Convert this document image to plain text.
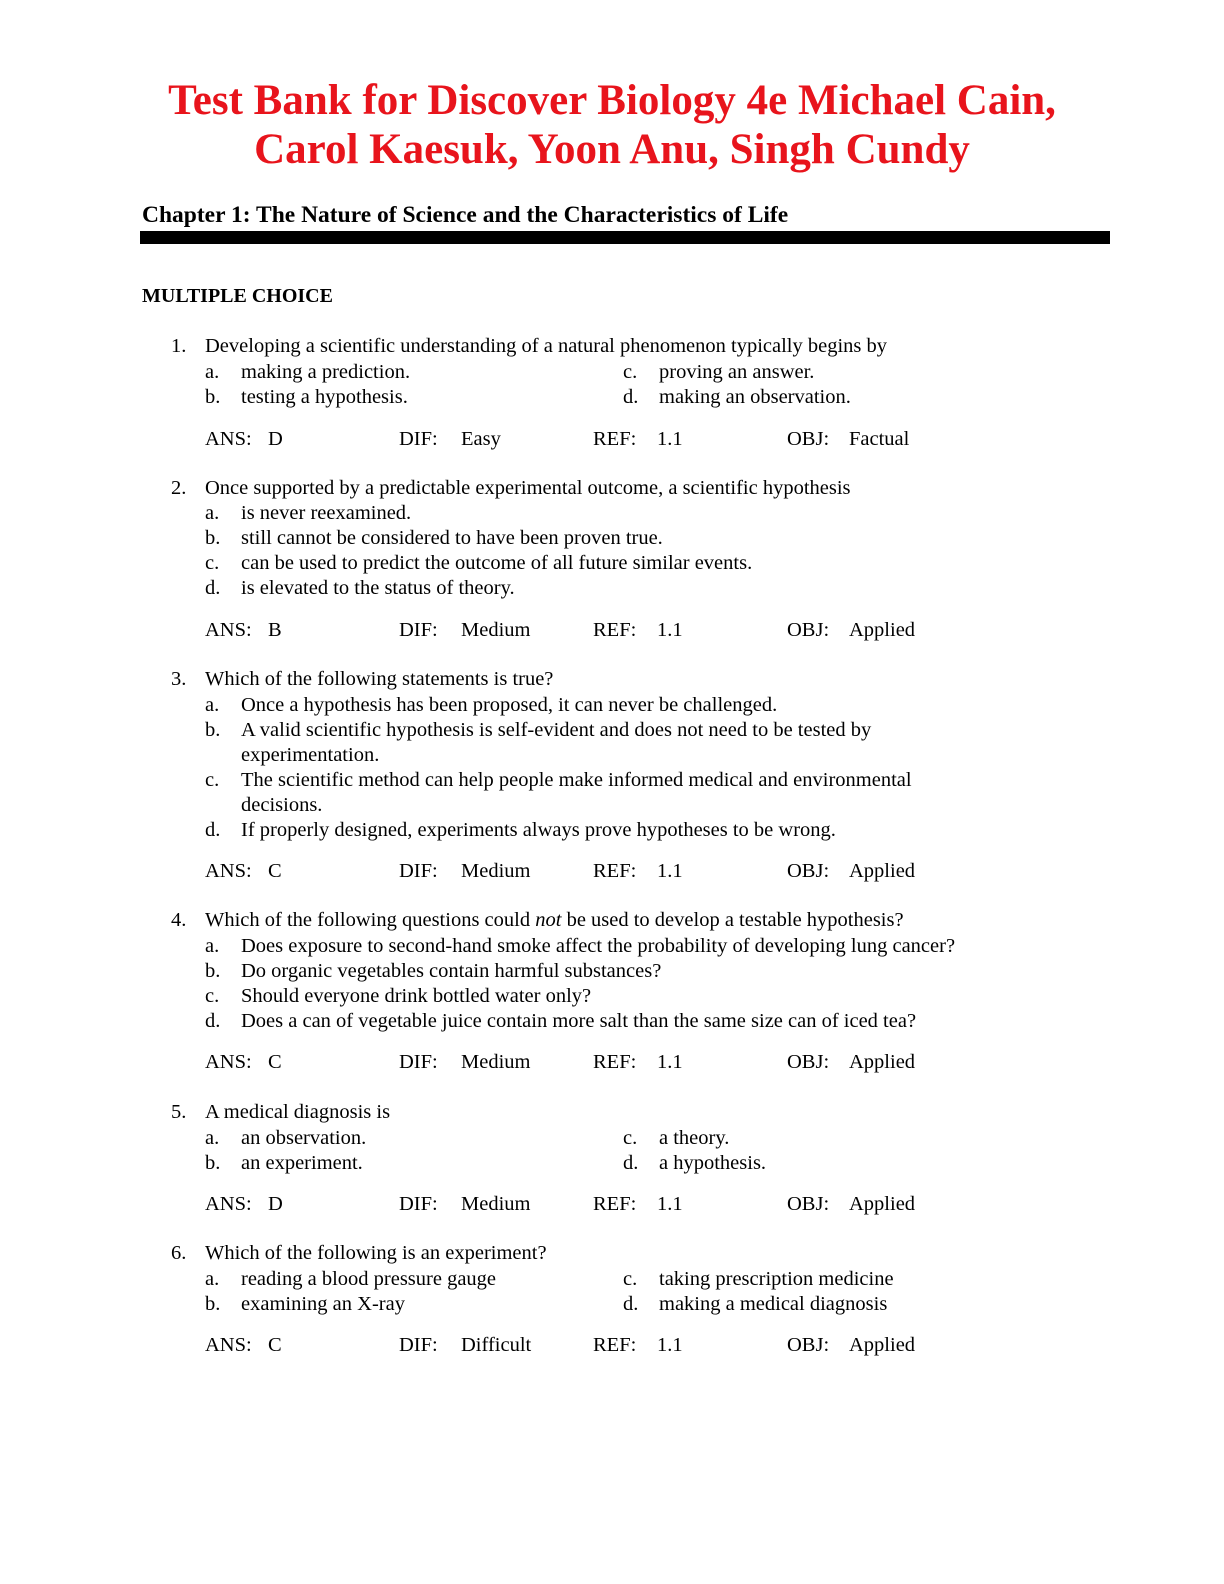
Test Bank for Discover Biology 4e Michael Cain,
Carol Kaesuk, Yoon Anu, Singh Cundy
Chapter 1: The Nature of Science and the Characteristics of Life
MULTIPLE CHOICE
1. Developing a scientific understanding of a natural phenomenon typically begins by
a. making a prediction.
b. testing a hypothesis.
c. proving an answer.
d. making an observation.
ANS: D	DIF: Easy	REF: 1.1	OBJ: Factual
2. Once supported by a predictable experimental outcome, a scientific hypothesis
a. is never reexamined.
b. still cannot be considered to have been proven true.
c. can be used to predict the outcome of all future similar events.
d. is elevated to the status of theory.
ANS: B	DIF: Medium	REF: 1.1	OBJ: Applied
3. Which of the following statements is true?
a. Once a hypothesis has been proposed, it can never be challenged.
b. A valid scientific hypothesis is self-evident and does not need to be tested by
experimentation.
c. The scientific method can help people make informed medical and environmental
decisions.
d. If properly designed, experiments always prove hypotheses to be wrong.
ANS: C	DIF: Medium	REF: 1.1	OBJ: Applied
4. Which of the following questions could not be used to develop a testable hypothesis?
a. Does exposure to second-hand smoke affect the probability of developing lung cancer?
b. Do organic vegetables contain harmful substances?
c. Should everyone drink bottled water only?
d. Does a can of vegetable juice contain more salt than the same size can of iced tea?
ANS: C	DIF: Medium	REF: 1.1	OBJ: Applied
5. A medical diagnosis is
a. an observation.
b. an experiment.
c. a theory.
d. a hypothesis.
ANS: D	DIF: Medium	REF: 1.1	OBJ: Applied
6. Which of the following is an experiment?
a. reading a blood pressure gauge
b. examining an X-ray
c. taking prescription medicine
d. making a medical diagnosis
ANS: C	DIF: Difficult	REF: 1.1	OBJ: Applied
